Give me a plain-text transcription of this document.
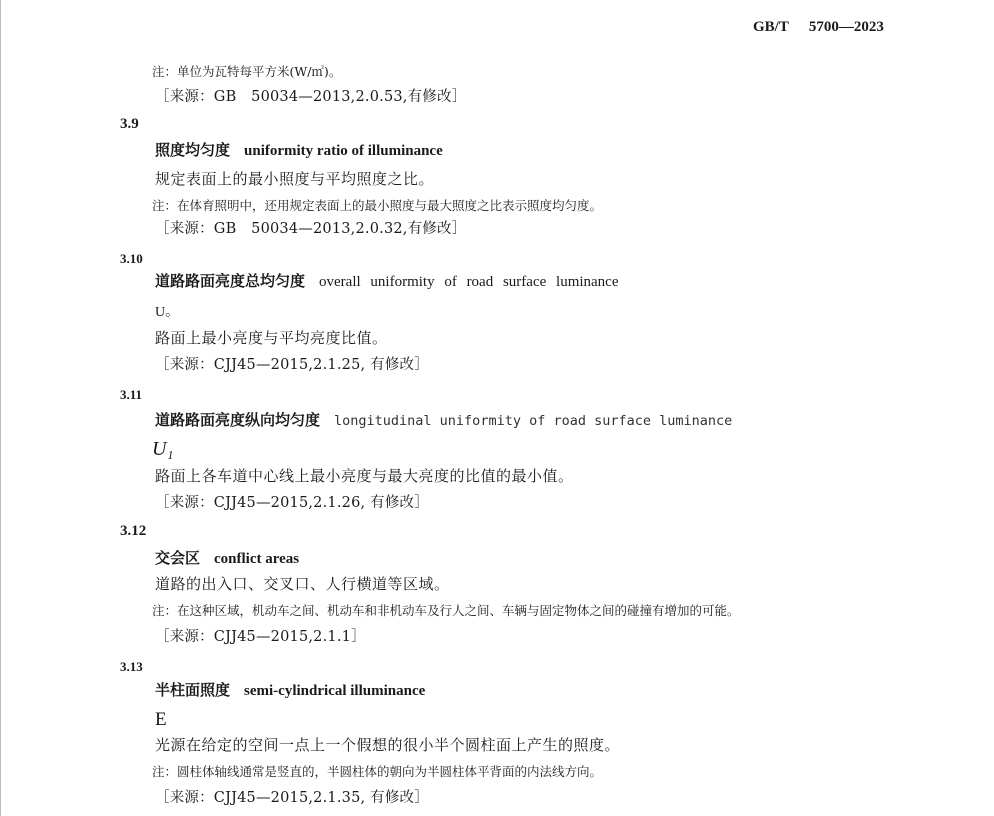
GB/T 5700—2023
注：单位为瓦特每平方米(W/㎡)。
［来源：GB　50034—2013,2.0.53,有修改］
3.9
照度均匀度 uniformity ratio of illuminance
规定表面上的最小照度与平均照度之比。
注：在体育照明中，还用规定表面上的最小照度与最大照度之比表示照度均匀度。
［来源：GB　50034—2013,2.0.32,有修改］
3.10
道路路面亮度总均匀度 overall uniformity of road surface luminance
U。
路面上最小亮度与平均亮度比值。
［来源：CJJ45—2015,2.1.25, 有修改］
3.11
道路路面亮度纵向均匀度 longitudinal uniformity of road surface luminance
U₁
路面上各车道中心线上最小亮度与最大亮度的比值的最小值。
［来源：CJJ45—2015,2.1.26, 有修改］
3.12
交会区 conflict areas
道路的出入口、交叉口、人行横道等区域。
注：在这种区域，机动车之间、机动车和非机动车及行人之间、车辆与固定物体之间的碰撞有增加的可能。
［来源：CJJ45—2015,2.1.1］
3.13
半柱面照度 semi-cylindrical illuminance
E
光源在给定的空间一点上一个假想的很小半个圆柱面上产生的照度。
注：圆柱体轴线通常是竖直的，半圆柱体的朝向为半圆柱体平背面的内法线方向。
［来源：CJJ45—2015,2.1.35, 有修改］
